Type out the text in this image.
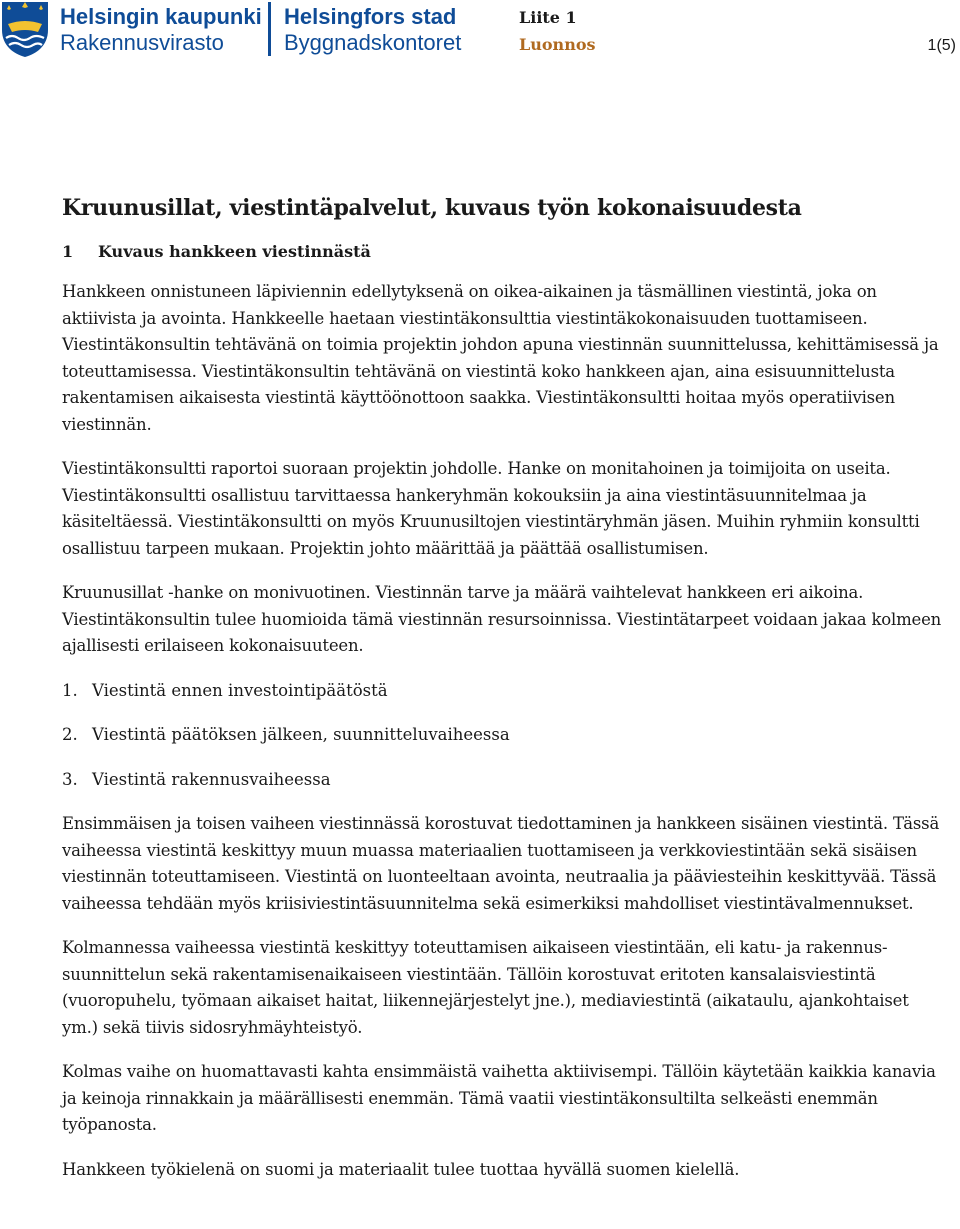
Helsingin kaupunki
Rakennusvirasto
Helsingfors stad
Byggnadskontoret
Liite 1
Luonnos	1(5)
Kruunusillat, viestintäpalvelut, kuvaus työn kokonaisuudesta
1	Kuvaus hankkeen viestinnästä

Hankkeen onnistuneen läpiviennin edellytyksenä on oikea-aikainen ja täsmällinen viestintä, joka on aktiivista ja avointa. Hankkeelle haetaan viestintäkonsulttia viestintäkokonaisuuden tuottamiseen. Viestintäkonsultin tehtävänä on toimia projektin johdon apuna viestinnän suunnittelussa, kehittämisessä ja toteuttamisessa. Viestintäkonsultin tehtävänä on viestintä koko hankkeen ajan, aina esisuunnittelusta rakentamisen aikaisesta viestintä käyttöönottoon saakka. Viestintäkonsultti hoitaa myös operatiivisen viestinnän.

Viestintäkonsultti raportoi suoraan projektin johdolle. Hanke on monitahoinen ja toimijoita on useita. Viestintäkonsultti osallistuu tarvittaessa hankeryhmän kokouksiin ja aina viestintäsuunnitelmaa ja käsiteltäessä. Viestintäkonsultti on myös Kruunusiltojen viestintäryhmän jäsen. Muihin ryhmiin konsultti osallistuu tarpeen mukaan. Projektin johto määrittää ja päättää osallistumisen.

Kruunusillat -hanke on monivuotinen. Viestinnän tarve ja määrä vaihtelevat hankkeen eri aikoina. Viestintäkonsultin tulee huomioida tämä viestinnän resursoinnissa. Viestintätarpeet voidaan jakaa kolmeen ajallisesti erilaiseen kokonaisuuteen.

1. Viestintä ennen investointipäätöstä
2. Viestintä päätöksen jälkeen, suunnitteluvaiheessa
3. Viestintä rakennusvaiheessa

Ensimmäisen ja toisen vaiheen viestinnässä korostuvat tiedottaminen ja hankkeen sisäinen viestintä. Tässä vaiheessa viestintä keskittyy muun muassa materiaalien tuottamiseen ja verkkoviestintään sekä sisäisen viestinnän toteuttamiseen. Viestintä on luonteeltaan avointa, neutraalia ja pääviesteihin keskittyvää. Tässä vaiheessa tehdään myös kriisiviestintäsuunnitelma sekä esimerkiksi mahdolliset viestintävalmennukset.

Kolmannessa vaiheessa viestintä keskittyy toteuttamisen aikaiseen viestintään, eli katu- ja rakennus-suunnittelun sekä rakentamisenaikaiseen viestintään. Tällöin korostuvat eritoten kansalaisviestintä (vuoropuhelu, työmaan aikaiset haitat, liikennejärjestelyt jne.), mediaviestintä (aikataulu, ajankohtaiset ym.) sekä tiivis sidosryhmäyhteistyö.

Kolmas vaihe on huomattavasti kahta ensimmäistä vaihetta aktiivisempi. Tällöin käytetään kaikkia kanavia ja keinoja rinnakkain ja määrällisesti enemmän. Tämä vaatii viestintäkonsultilta selkeästi enemmän työpanosta.

Hankkeen työkielenä on suomi ja materiaalit tulee tuottaa hyvällä suomen kielellä.
